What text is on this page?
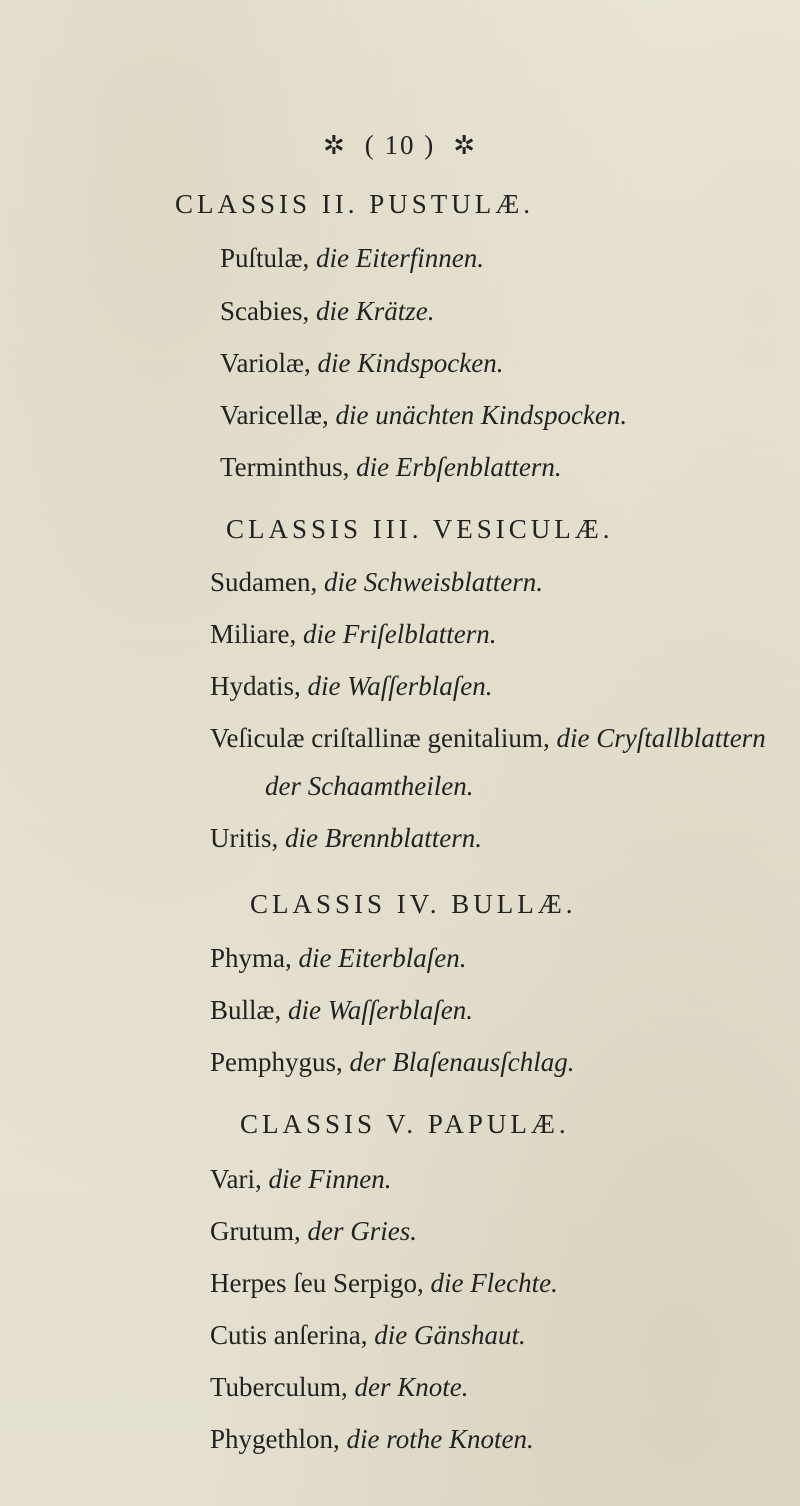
✲ ( 10 ) ✲
CLASSIS II. PUSTULÆ.
Puſtulæ, die Eiterfinnen.
Scabies, die Krätze.
Variolæ, die Kindspocken.
Varicellæ, die unächten Kindspocken.
Terminthus, die Erbſenblattern.
CLASSIS III. VESICULÆ.
Sudamen, die Schweisblattern.
Miliare, die Friſelblattern.
Hydatis, die Waſſerblaſen.
Veſiculæ criſtallinæ genitalium, die Cryſtallblattern
der Schaamtheilen.
Uritis, die Brennblattern.
CLASSIS IV. BULLÆ.
Phyma, die Eiterblaſen.
Bullæ, die Waſſerblaſen.
Pemphygus, der Blaſenausſchlag.
CLASSIS V. PAPULÆ.
Vari, die Finnen.
Grutum, der Gries.
Herpes ſeu Serpigo, die Flechte.
Cutis anſerina, die Gänshaut.
Tuberculum, der Knote.
Phygethlon, die rothe Knoten.
